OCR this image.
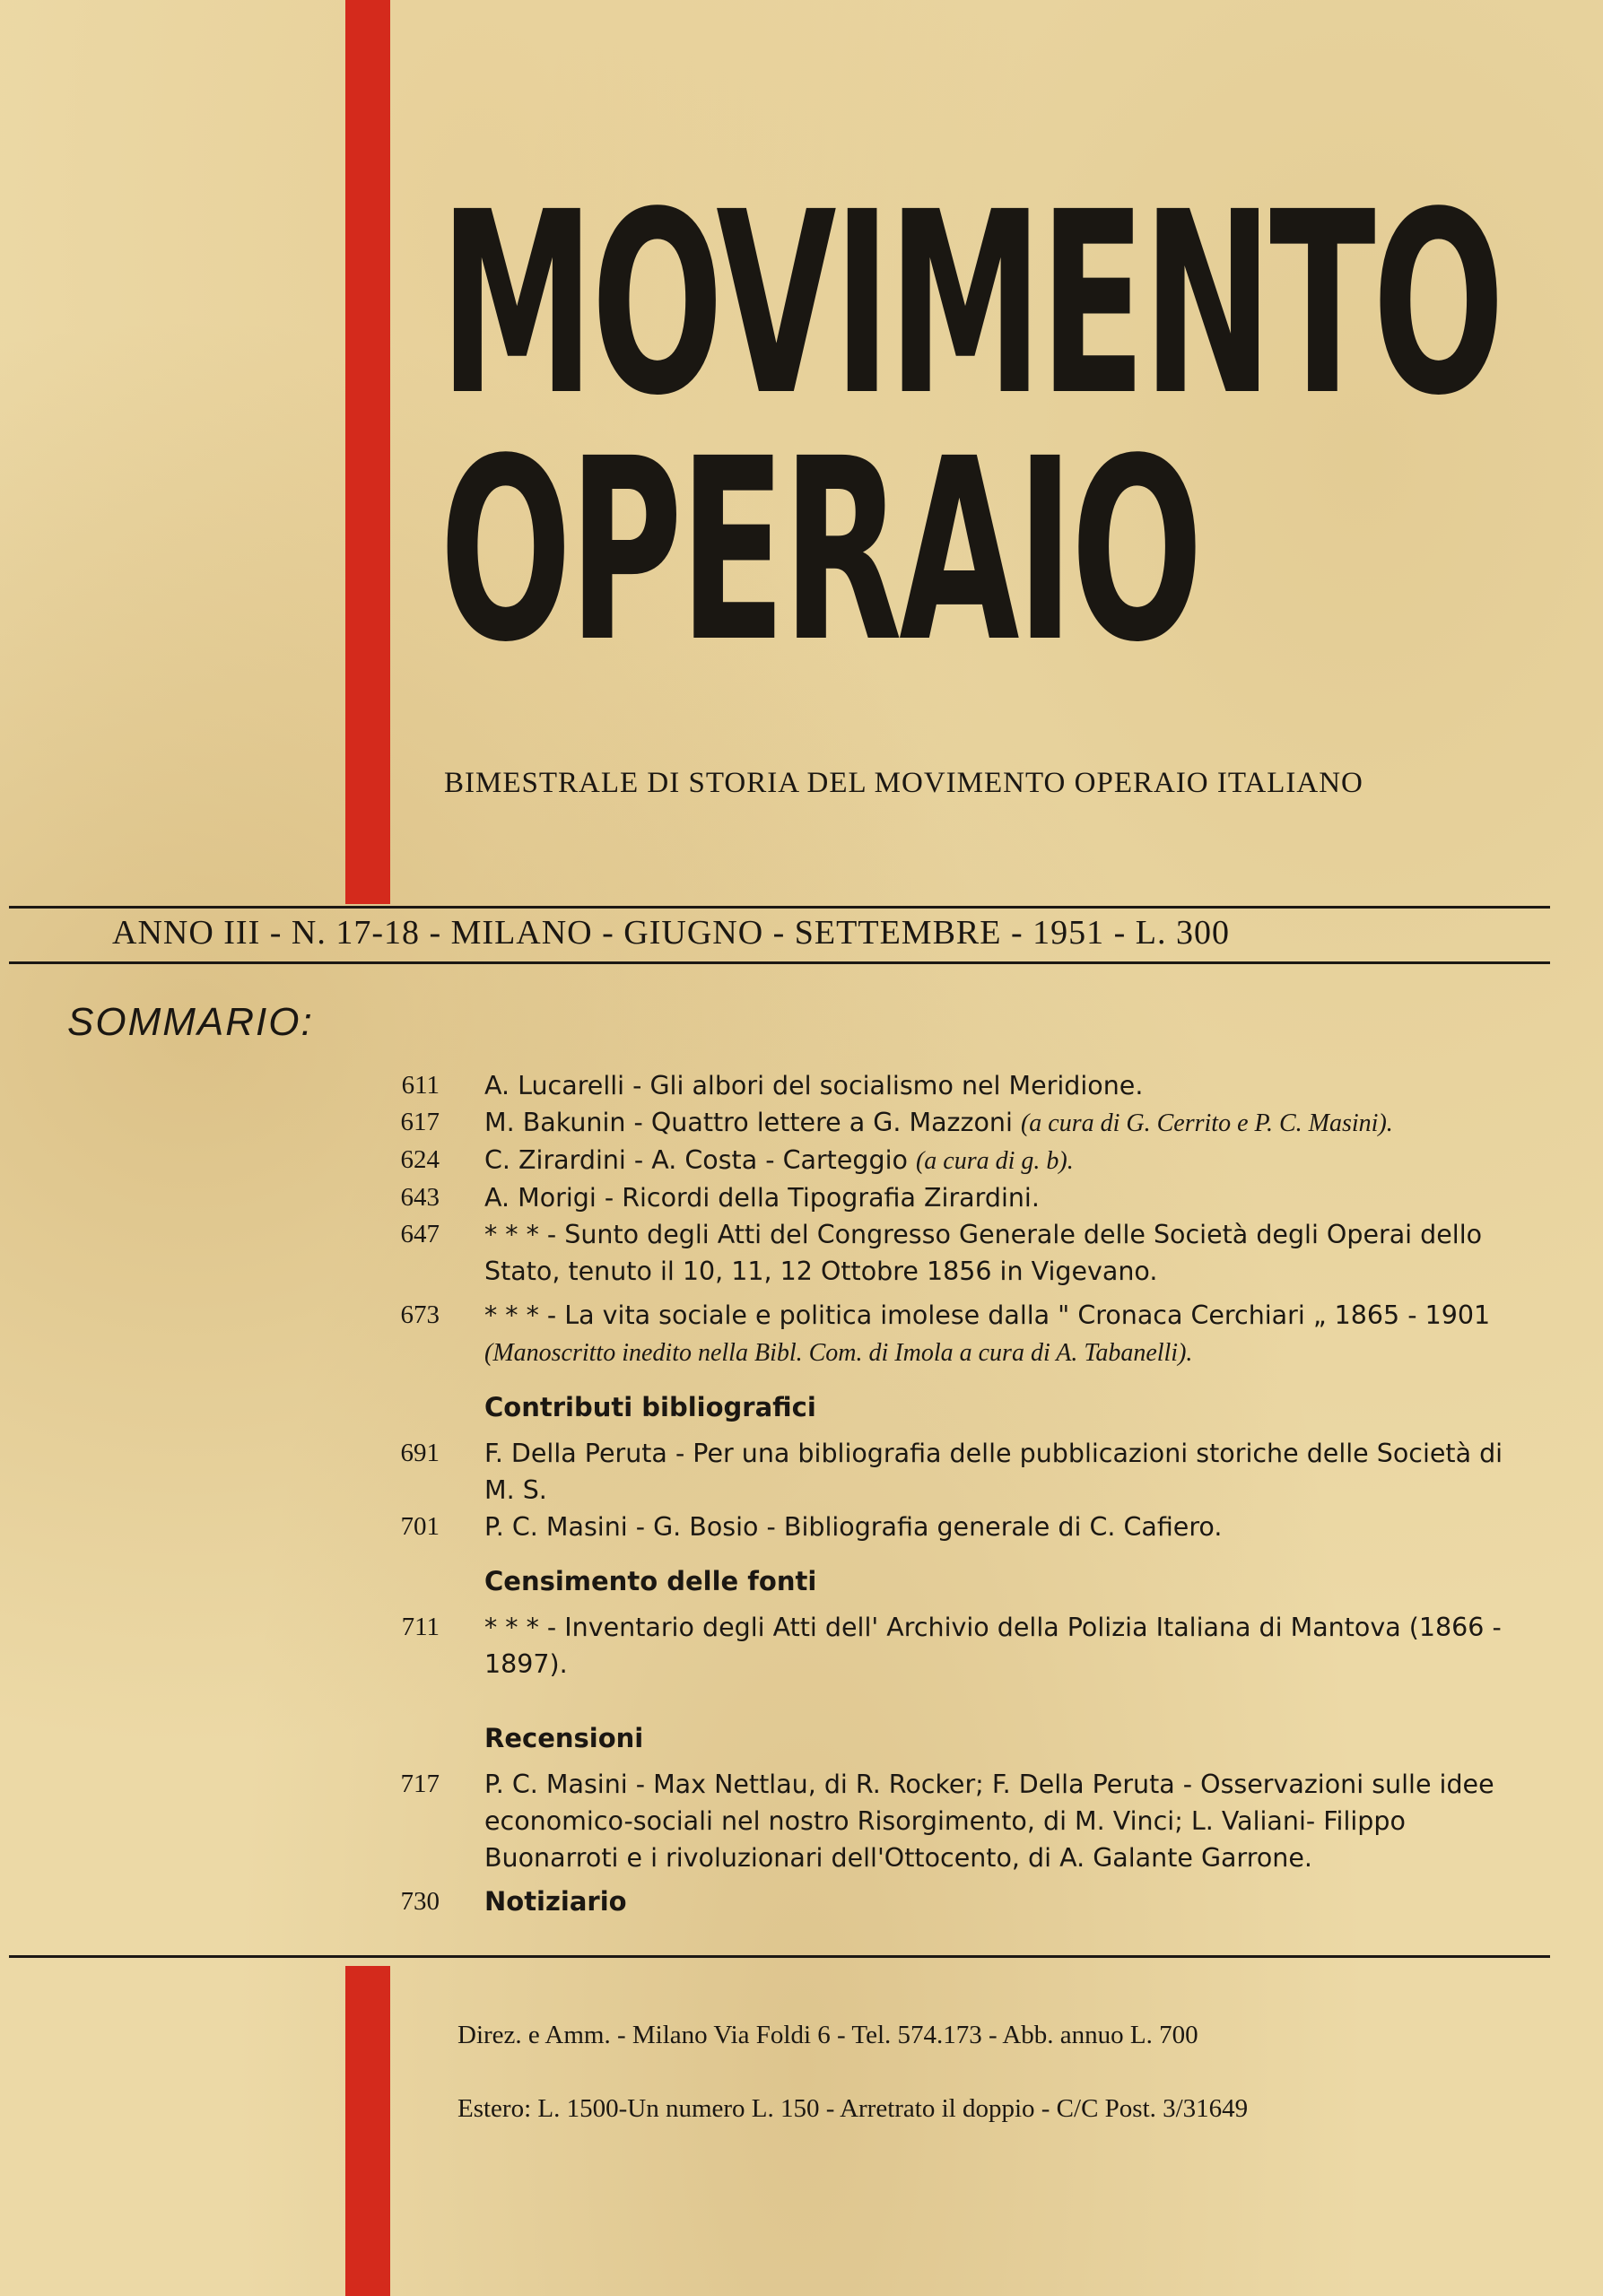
MOVIMENTO
OPERAIO
BIMESTRALE DI STORIA DEL MOVIMENTO OPERAIO ITALIANO
ANNO III - N. 17-18 - MILANO - GIUGNO - SETTEMBRE - 1951 - L. 300
SOMMARIO:
611	A. Lucarelli - Gli albori del socialismo nel Meridione.
617	M. Bakunin - Quattro lettere a G. Mazzoni (a cura di G. Cerrito e P. C. Masini).
624	C. Zirardini - A. Costa - Carteggio (a cura di g. b).
643	A. Morigi - Ricordi della Tipografia Zirardini.
647	* * * - Sunto degli Atti del Congresso Generale delle Società degli Operai dello Stato, tenuto il 10, 11, 12 Ottobre 1856 in Vigevano.
673	* * * - La vita sociale e politica imolese dalla " Cronaca Cerchiari „ 1865 - 1901 (Manoscritto inedito nella Bibl. Com. di Imola a cura di A. Tabanelli).
Contributi bibliografici
691	F. Della Peruta - Per una bibliografia delle pubblicazioni storiche delle Società di M. S.
701	P. C. Masini - G. Bosio - Bibliografia generale di C. Cafiero.
Censimento delle fonti
711	* * * - Inventario degli Atti dell' Archivio della Polizia Italiana di Mantova (1866 - 1897).
Recensioni
717	P. C. Masini - Max Nettlau, di R. Rocker; F. Della Peruta - Osservazioni sulle idee economico-sociali nel nostro Risorgimento, di M. Vinci; L. Valiani- Filippo Buonarroti e i rivoluzionari dell'Ottocento, di A. Galante Garrone.
730	Notiziario
Direz. e Amm. - Milano Via Foldi 6 - Tel. 574.173 - Abb. annuo L. 700
Estero: L. 1500-Un numero L. 150 - Arretrato il doppio - C/C Post. 3/31649
